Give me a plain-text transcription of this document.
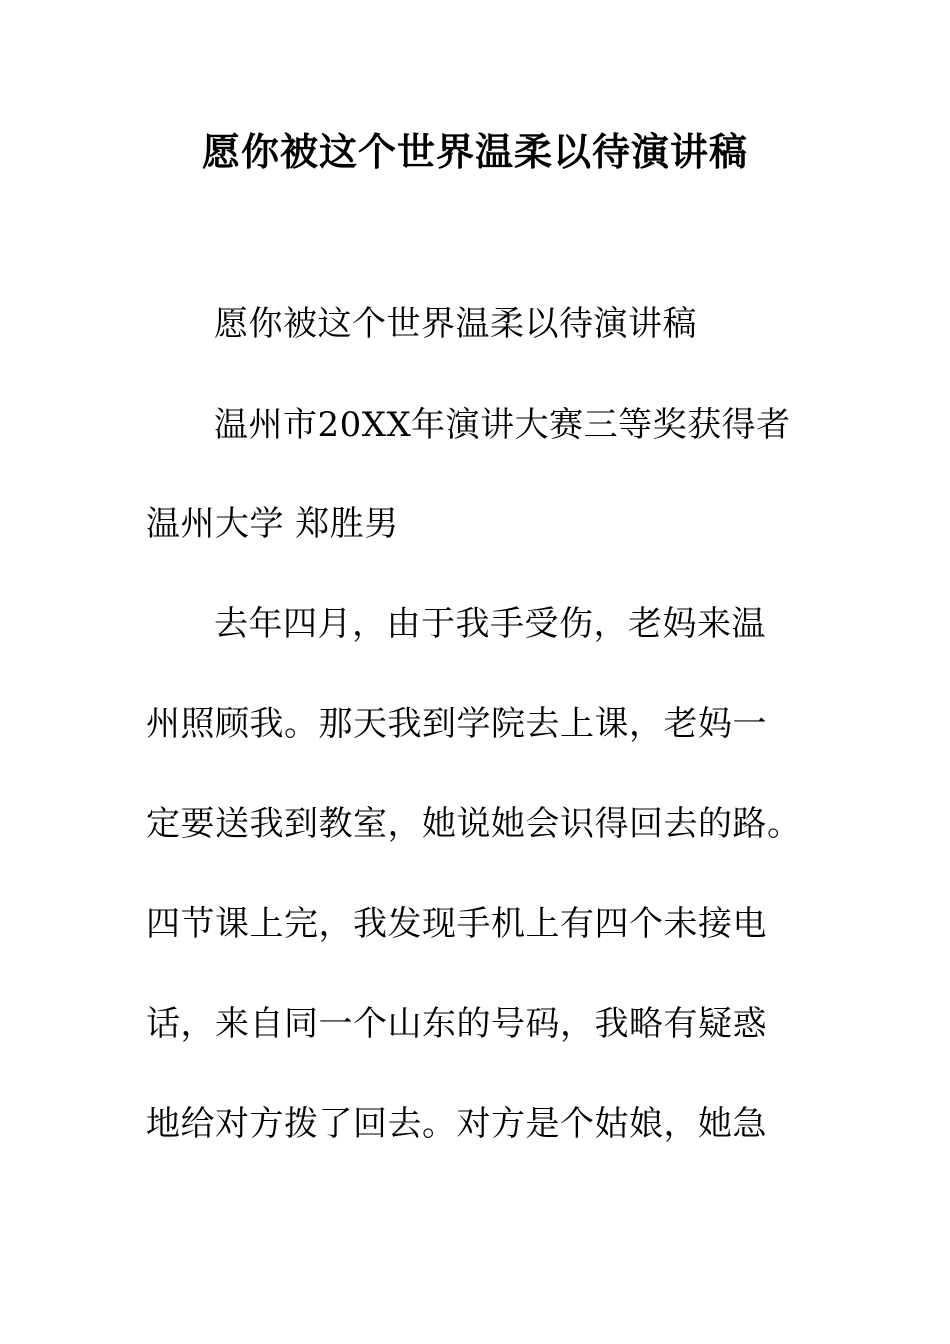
愿你被这个世界温柔以待演讲稿
愿你被这个世界温柔以待演讲稿
温州市20XX年演讲大赛三等奖获得者
温州大学 郑胜男
去年四月，由于我手受伤，老妈来温
州照顾我。那天我到学院去上课，老妈一
定要送我到教室，她说她会识得回去的路。
四节课上完，我发现手机上有四个未接电
话，来自同一个山东的号码，我略有疑惑
地给对方拨了回去。对方是个姑娘，她急
